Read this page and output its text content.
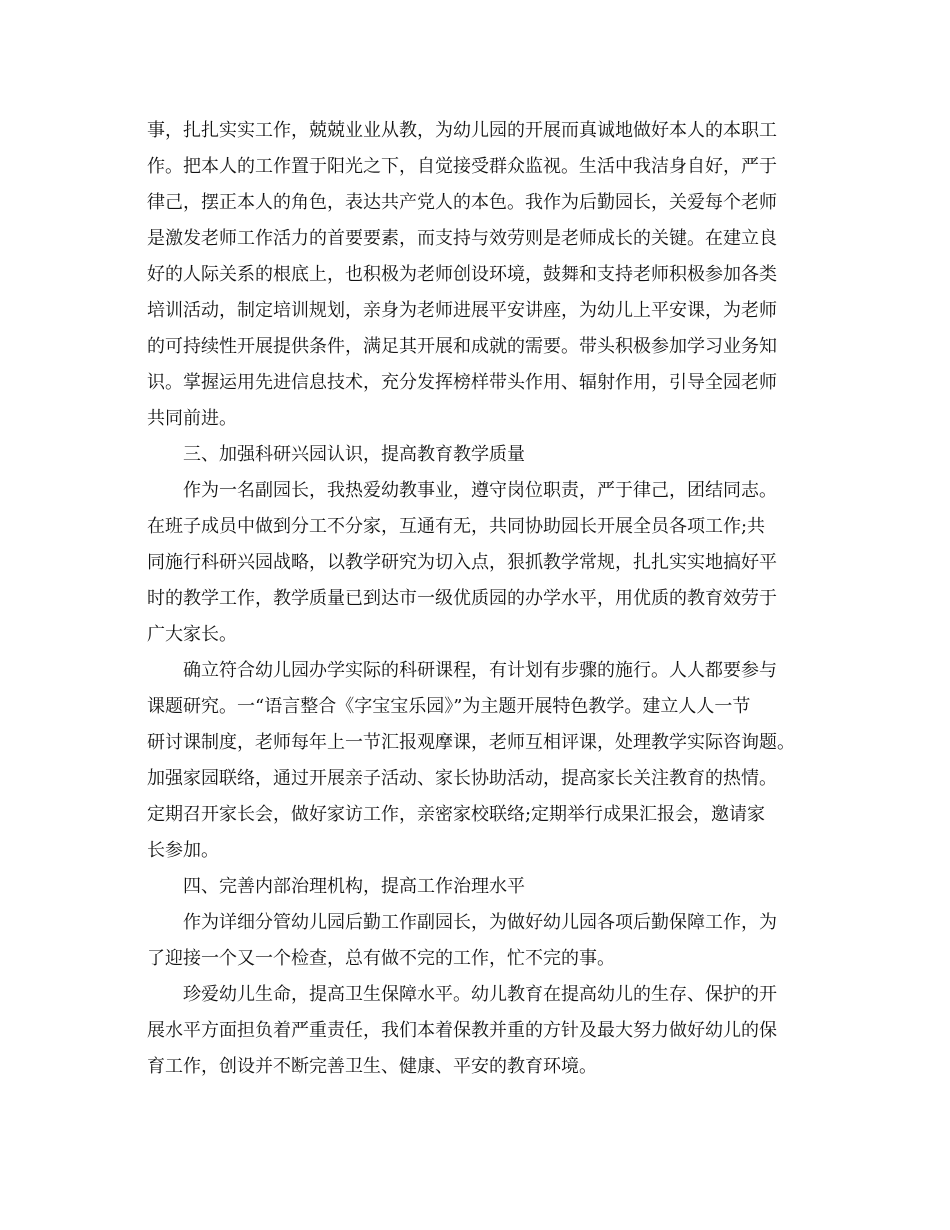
事，扎扎实实工作，兢兢业业从教，为幼儿园的开展而真诚地做好本人的本职工
作。把本人的工作置于阳光之下，自觉接受群众监视。生活中我洁身自好，严于
律己，摆正本人的角色，表达共产党人的本色。我作为后勤园长，关爱每个老师
是激发老师工作活力的首要要素，而支持与效劳则是老师成长的关键。在建立良
好的人际关系的根底上，也积极为老师创设环境，鼓舞和支持老师积极参加各类
培训活动，制定培训规划，亲身为老师进展平安讲座，为幼儿上平安课，为老师
的可持续性开展提供条件，满足其开展和成就的需要。带头积极参加学习业务知
识。掌握运用先进信息技术，充分发挥榜样带头作用、辐射作用，引导全园老师
共同前进。
　　三、加强科研兴园认识，提高教育教学质量
　　作为一名副园长，我热爱幼教事业，遵守岗位职责，严于律己，团结同志。
在班子成员中做到分工不分家，互通有无，共同协助园长开展全员各项工作;共
同施行科研兴园战略，以教学研究为切入点，狠抓教学常规，扎扎实实地搞好平
时的教学工作，教学质量已到达市一级优质园的办学水平，用优质的教育效劳于
广大家长。
　　确立符合幼儿园办学实际的科研课程，有计划有步骤的施行。人人都要参与
课题研究。一“语言整合《字宝宝乐园》”为主题开展特色教学。建立人人一节
研讨课制度，老师每年上一节汇报观摩课，老师互相评课，处理教学实际咨询题。
加强家园联络，通过开展亲子活动、家长协助活动，提高家长关注教育的热情。
定期召开家长会，做好家访工作，亲密家校联络;定期举行成果汇报会，邀请家
长参加。
　　四、完善内部治理机构，提高工作治理水平
　　作为详细分管幼儿园后勤工作副园长，为做好幼儿园各项后勤保障工作，为
了迎接一个又一个检查，总有做不完的工作，忙不完的事。
　　珍爱幼儿生命，提高卫生保障水平。幼儿教育在提高幼儿的生存、保护的开
展水平方面担负着严重责任，我们本着保教并重的方针及最大努力做好幼儿的保
育工作，创设并不断完善卫生、健康、平安的教育环境。
